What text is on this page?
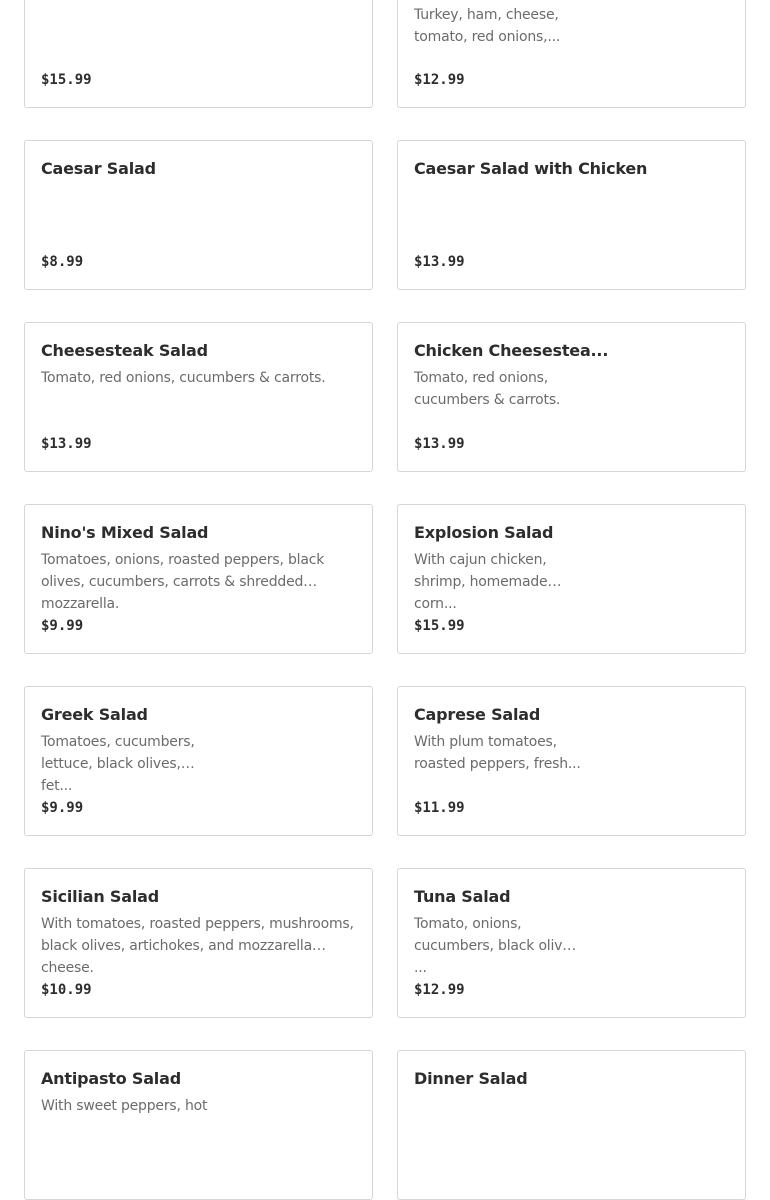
$15.99
Turkey, ham, cheese, tomato, red onions,...
$12.99
Caesar Salad
$8.99
Caesar Salad with Chicken
$13.99
Cheesesteak Salad
Tomato, red onions, cucumbers & carrots.
$13.99
Chicken Cheesestea...
Tomato, red onions, cucumbers & carrots.
$13.99
Nino's Mixed Salad
Tomatoes, onions, roasted peppers, black olives, cucumbers, carrots & shredded mozzarella.
$9.99
Explosion Salad
With cajun chicken, shrimp, homemade corn...
$15.99
Greek Salad
Tomatoes, cucumbers, lettuce, black olives, fet...
$9.99
Caprese Salad
With plum tomatoes, roasted peppers, fresh...
$11.99
Sicilian Salad
With tomatoes, roasted peppers, mushrooms, black olives, artichokes, and mozzarella cheese.
$10.99
Tuna Salad
Tomato, onions, cucumbers, black olives ...
$12.99
Antipasto Salad
With sweet peppers, hot
Dinner Salad
